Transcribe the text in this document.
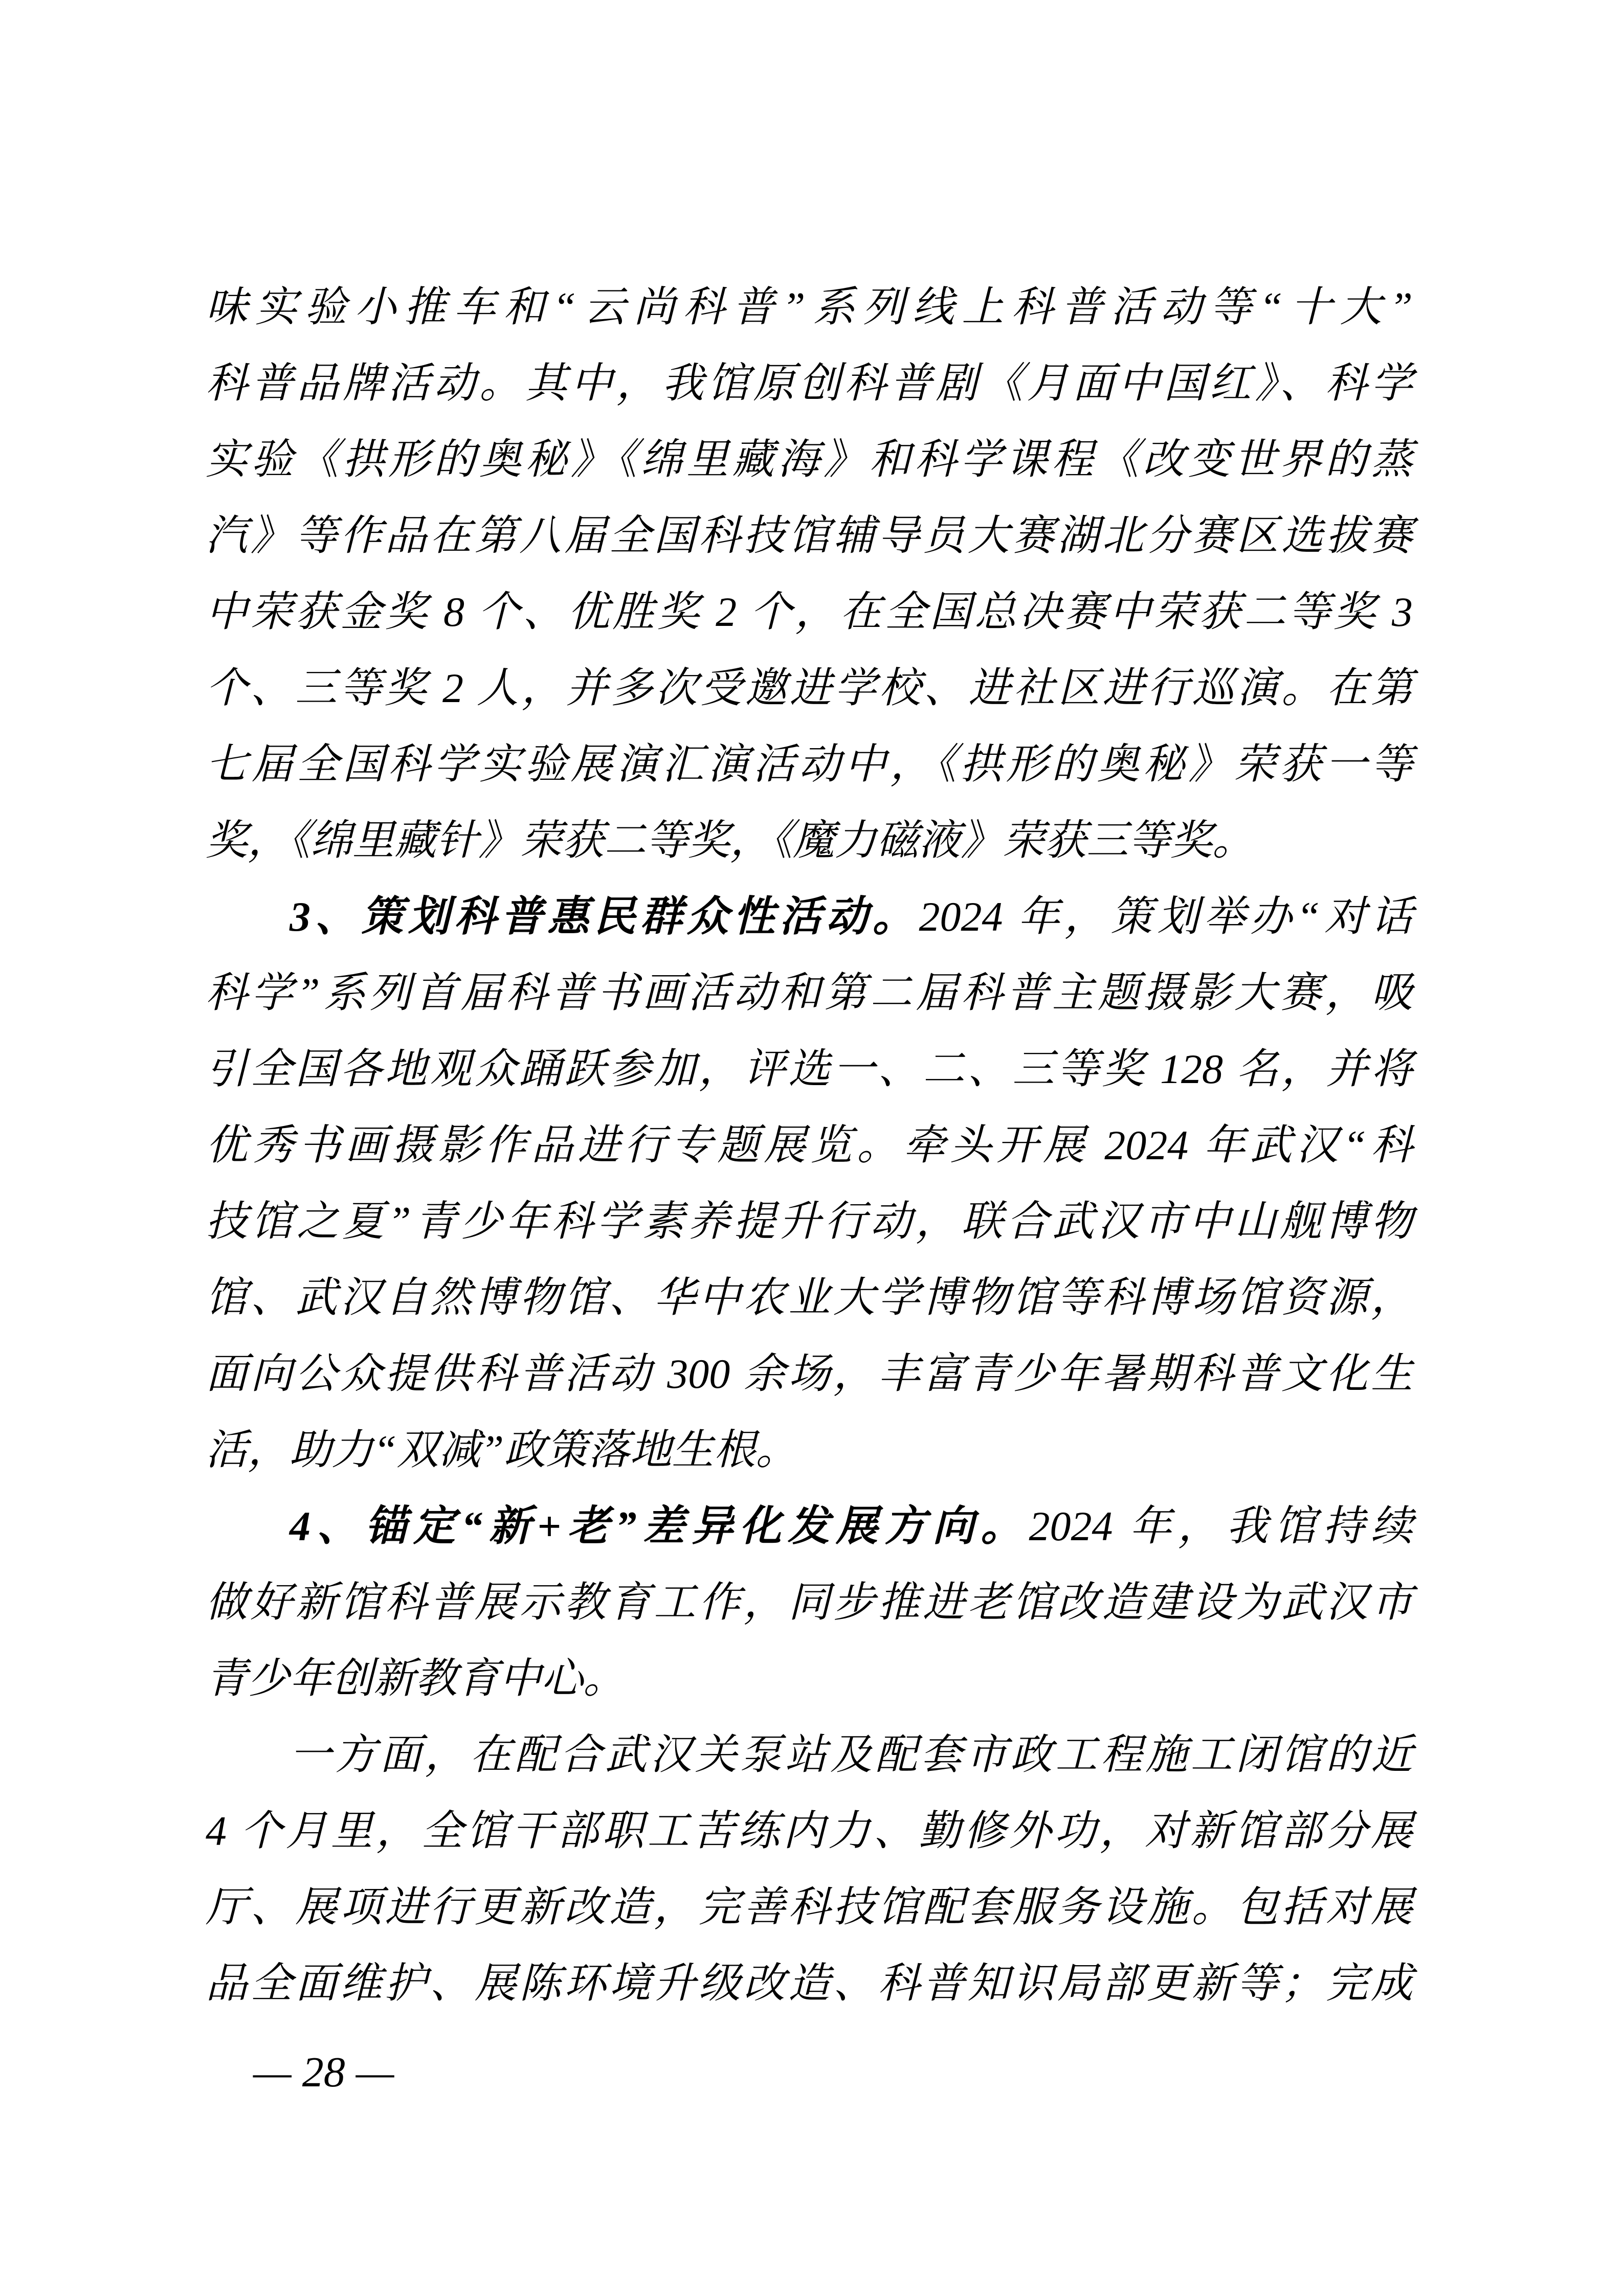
味实验小推车和“云尚科普”系列线上科普活动等“十大”
科普品牌活动。其中，我馆原创科普剧《月面中国红》、科学
实验《拱形的奥秘》《绵里藏海》和科学课程《改变世界的蒸
汽》等作品在第八届全国科技馆辅导员大赛湖北分赛区选拔赛
中荣获金奖 8 个、优胜奖 2 个，在全国总决赛中荣获二等奖 3
个、三等奖 2 人，并多次受邀进学校、进社区进行巡演。在第
七届全国科学实验展演汇演活动中，《拱形的奥秘》荣获一等
奖，《绵里藏针》荣获二等奖，《魔力磁液》荣获三等奖。
3、策划科普惠民群众性活动。2024 年，策划举办“对话
科学”系列首届科普书画活动和第二届科普主题摄影大赛，吸
引全国各地观众踊跃参加，评选一、二、三等奖 128 名，并将
优秀书画摄影作品进行专题展览。牵头开展 2024 年武汉“科
技馆之夏”青少年科学素养提升行动，联合武汉市中山舰博物
馆、武汉自然博物馆、华中农业大学博物馆等科博场馆资源，
面向公众提供科普活动 300 余场，丰富青少年暑期科普文化生
活，助力“双减”政策落地生根。
4、锚定“新+老”差异化发展方向。2024 年，我馆持续
做好新馆科普展示教育工作，同步推进老馆改造建设为武汉市
青少年创新教育中心。
一方面，在配合武汉关泵站及配套市政工程施工闭馆的近
4 个月里，全馆干部职工苦练内力、勤修外功，对新馆部分展
厅、展项进行更新改造，完善科技馆配套服务设施。包括对展
品全面维护、展陈环境升级改造、科普知识局部更新等；完成
— 28 —
